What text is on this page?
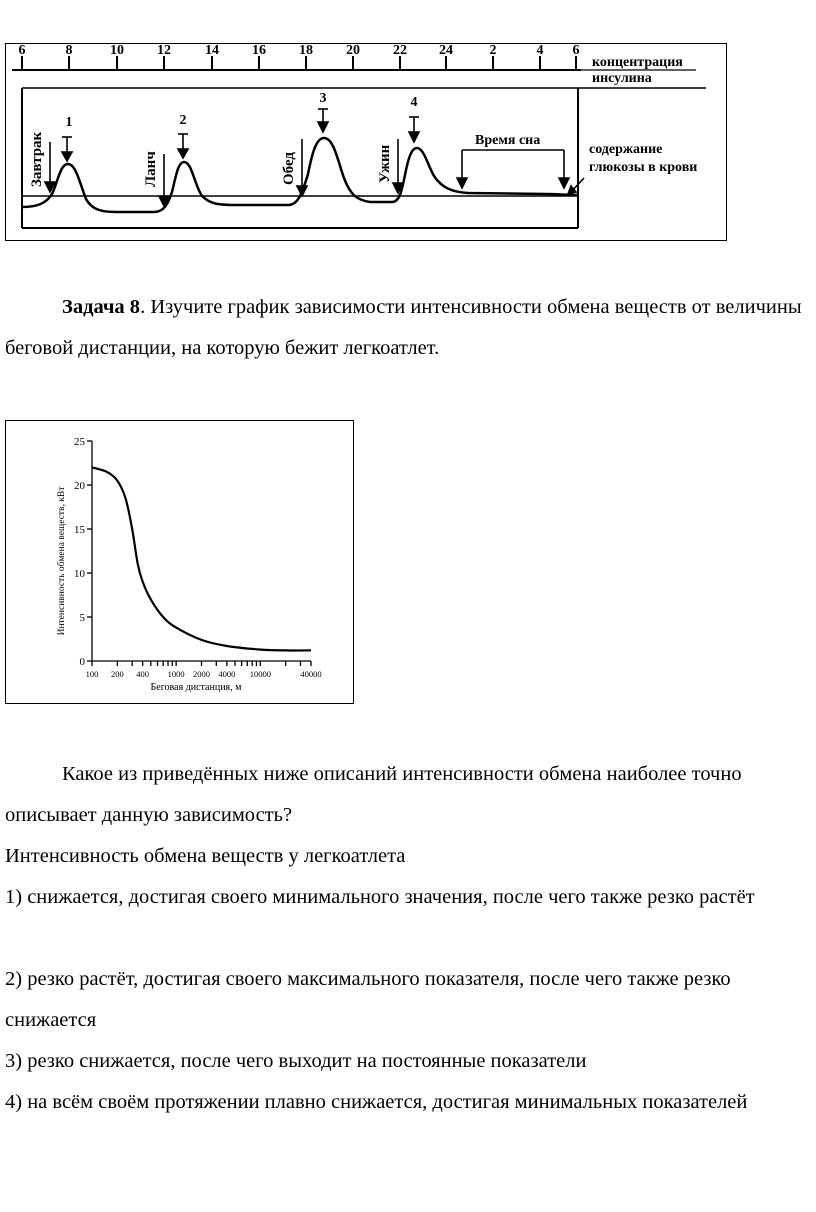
6	8	10 12 14 16 18 20 22 24	2	4 6
концентрация
инсулина
1	2
3	4
Завтрак	Ланч	Обед	Ужин
Время сна
содержание
глюкозы в крови

Задача 8. Изучите график зависимости интенсивности обмена веществ от величины беговой дистанции, на которую бежит легкоатлет.

0
5
10
15
20
25
100 200 400 1000 2000 4000 10000	40000
Интенсивность обмена веществ, кВт
Беговая дистанция, м

Какое из приведённых ниже описаний интенсивности обмена наиболее точно описывает данную зависимость?

Интенсивность обмена веществ у легкоатлета

1) снижается, достигая своего минимального значения, после чего также резко растёт

2) резко растёт, достигая своего максимального показателя, после чего также резко снижается

3) резко снижается, после чего выходит на постоянные показатели

4) на всём своём протяжении плавно снижается, достигая минимальных показателей
